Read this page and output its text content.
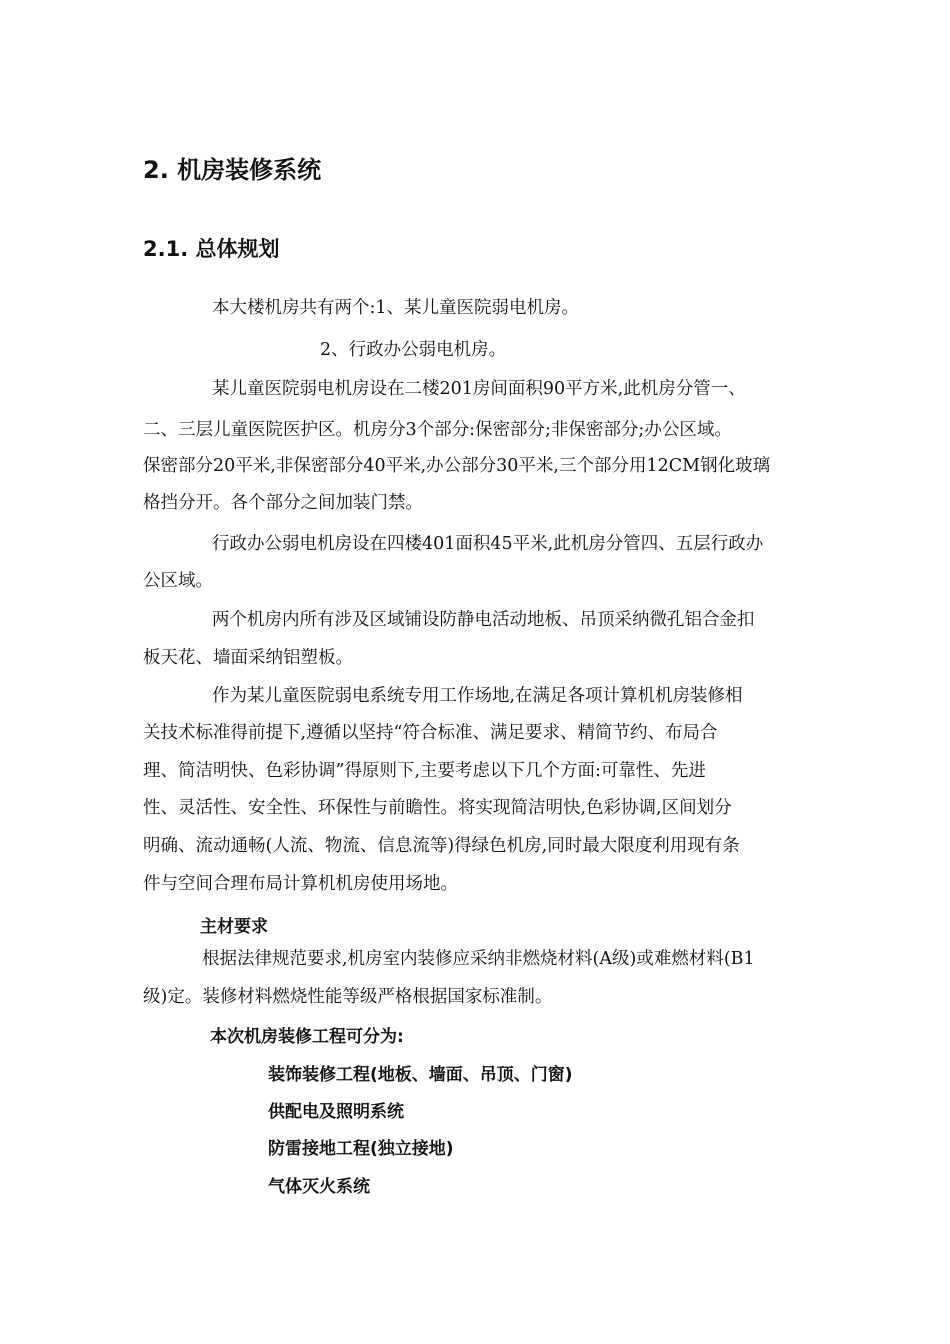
2. 机房装修系统
2.1. 总体规划
本大楼机房共有两个:1、某儿童医院弱电机房。
2、行政办公弱电机房。
某儿童医院弱电机房设在二楼201房间面积90平方米,此机房分管一、
二、三层儿童医院医护区。机房分3个部分:保密部分;非保密部分;办公区域。
保密部分20平米,非保密部分40平米,办公部分30平米,三个部分用12CM钢化玻璃
格挡分开。各个部分之间加装门禁。
行政办公弱电机房设在四楼401面积45平米,此机房分管四、五层行政办
公区域。
两个机房内所有涉及区域铺设防静电活动地板、吊顶采纳微孔铝合金扣
板天花、墙面采纳铝塑板。
作为某儿童医院弱电系统专用工作场地,在满足各项计算机机房装修相
关技术标准得前提下,遵循以坚持“符合标准、满足要求、精简节约、布局合
理、简洁明快、色彩协调”得原则下,主要考虑以下几个方面:可靠性、先进
性、灵活性、安全性、环保性与前瞻性。将实现简洁明快,色彩协调,区间划分
明确、流动通畅(人流、物流、信息流等)得绿色机房,同时最大限度利用现有条
件与空间合理布局计算机机房使用场地。
主材要求
根据法律规范要求,机房室内装修应采纳非燃烧材料(A级)或难燃材料(B1
级)定。装修材料燃烧性能等级严格根据国家标准制。
本次机房装修工程可分为:
装饰装修工程(地板、墙面、吊顶、门窗)
供配电及照明系统
防雷接地工程(独立接地)
气体灭火系统
